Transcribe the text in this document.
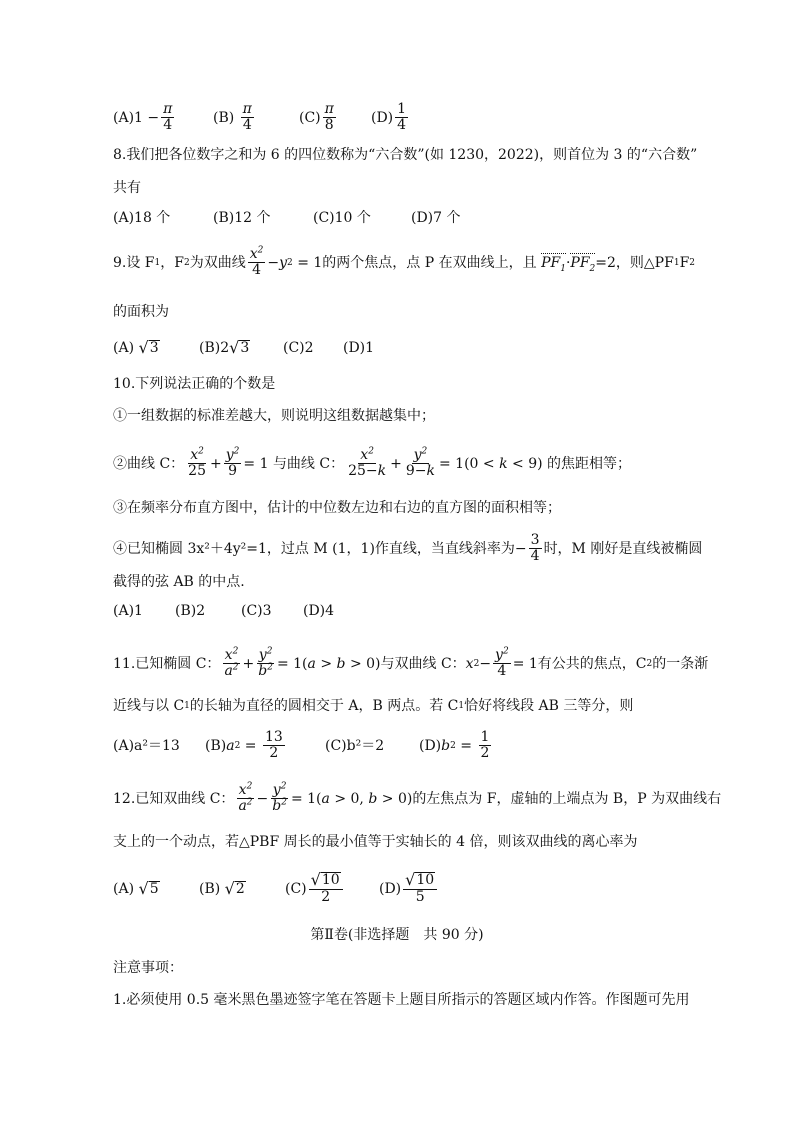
(A) $1 - \frac{\pi}{4}$	(B)
$\frac{\pi}{4}$	$(C) \frac{\pi}{8}$	$(D) \frac{1}{4}$
8.我们把各位数字之和为 6 的四位数称为“六合数”(如 1230，2022)，则首位为 3 的“六合数”
共有
(A)18 个	(B)12 个	(C)10 个	(D)7 个
9.设 F 1 ，F 2 为双曲线 $\frac{x^2}{4} - y$ 2 = 1 的两个焦点，点 P 在双曲线上，且
$PF_1 \cdot PF_2 =2$，则△PF 1 F 2
的面积为
(A)
√ 3	(B)2 √ 3 (C)2	(D)1
10.下列说法正确的个数是
①一组数据的标准差越大，则说明这组数据越集中；
②曲线 C： $\frac{x^2}{25} + \frac{y^2}{9} = 1$ 与曲线 C： $\frac{x^2}{25-k} + \frac{y^2}{9-k} = 1(0 < k < 9)$ 的焦距相等；
③在频率分布直方图中，估计的中位数左边和右边的直方图的面积相等；
④已知椭圆 3x²＋4y²=1，过点 M (1，1)作直线，当直线斜率为 − $\frac{3}{4}$ 时，M 刚好是直线被椭圆
截得的弦 AB 的中点.
(A)1	(B)2	(C)3	(D)4
11.已知椭圆 C： $\frac{x^2}{a^2} + \frac{y^2}{b^2} = 1(a > b > 0)$ 与双曲线 C： x $2 - \frac{y^2}{4} = 1$ 有公共的焦点，C 2 的一条渐
近线与以 C 1 的长轴为直径的圆相交于 A，B 两点。若 C 1 恰好将线段 AB 三等分，则
(A)a²＝13	(B) a $2 = \frac{13}{2}$	(C)b²＝2	(D) b $2 = \frac{1}{2}$
12.已知双曲线 C： $\frac{x^2}{a^2} - \frac{y^2}{b^2} = 1(a > 0$, b > 0) 的左焦点为 F，虚轴的上端点为 B，P 为双曲线右
支上的一个动点，若△PBF 周长的最小值等于实轴长的 4 倍，则该双曲线的离心率为
(A)
√ 5	(B)
√ 2	$(C) \frac{√ 10}{2}$	$(D) \frac{√ 10}{5}$
第Ⅱ卷(非选择题　共 90 分)
注意事项：
1.必须使用 0.5 毫米黑色墨迹签字笔在答题卡上题目所指示的答题区域内作答。作图题可先用
